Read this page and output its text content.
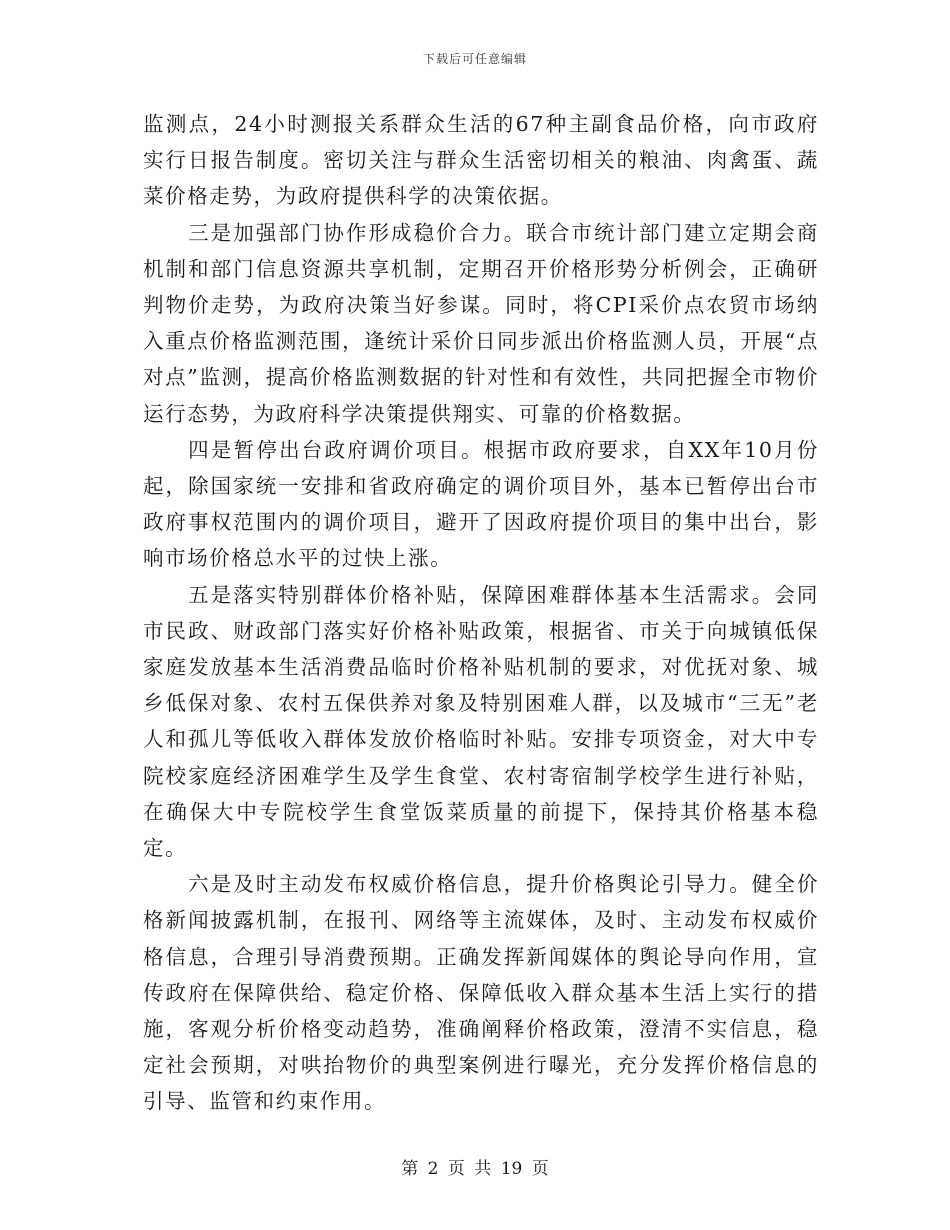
下载后可任意编辑

监测点，24小时测报关系群众生活的67种主副食品价格，向市政府实行日报告制度。密切关注与群众生活密切相关的粮油、肉禽蛋、蔬菜价格走势，为政府提供科学的决策依据。

三是加强部门协作形成稳价合力。联合市统计部门建立定期会商机制和部门信息资源共享机制，定期召开价格形势分析例会，正确研判物价走势，为政府决策当好参谋。同时，将CPI采价点农贸市场纳入重点价格监测范围，逢统计采价日同步派出价格监测人员，开展“点对点”监测，提高价格监测数据的针对性和有效性，共同把握全市物价运行态势，为政府科学决策提供翔实、可靠的价格数据。

四是暂停出台政府调价项目。根据市政府要求，自XX年10月份起，除国家统一安排和省政府确定的调价项目外，基本已暂停出台市政府事权范围内的调价项目，避开了因政府提价项目的集中出台，影响市场价格总水平的过快上涨。

五是落实特别群体价格补贴，保障困难群体基本生活需求。会同市民政、财政部门落实好价格补贴政策，根据省、市关于向城镇低保家庭发放基本生活消费品临时价格补贴机制的要求，对优抚对象、城乡低保对象、农村五保供养对象及特别困难人群，以及城市“三无”老人和孤儿等低收入群体发放价格临时补贴。安排专项资金，对大中专院校家庭经济困难学生及学生食堂、农村寄宿制学校学生进行补贴，在确保大中专院校学生食堂饭菜质量的前提下，保持其价格基本稳定。

六是及时主动发布权威价格信息，提升价格舆论引导力。健全价格新闻披露机制，在报刊、网络等主流媒体，及时、主动发布权威价格信息，合理引导消费预期。正确发挥新闻媒体的舆论导向作用，宣传政府在保障供给、稳定价格、保障低收入群众基本生活上实行的措施，客观分析价格变动趋势，准确阐释价格政策，澄清不实信息，稳定社会预期，对哄抬物价的典型案例进行曝光，充分发挥价格信息的引导、监管和约束作用。

第 2 页 共 19 页
